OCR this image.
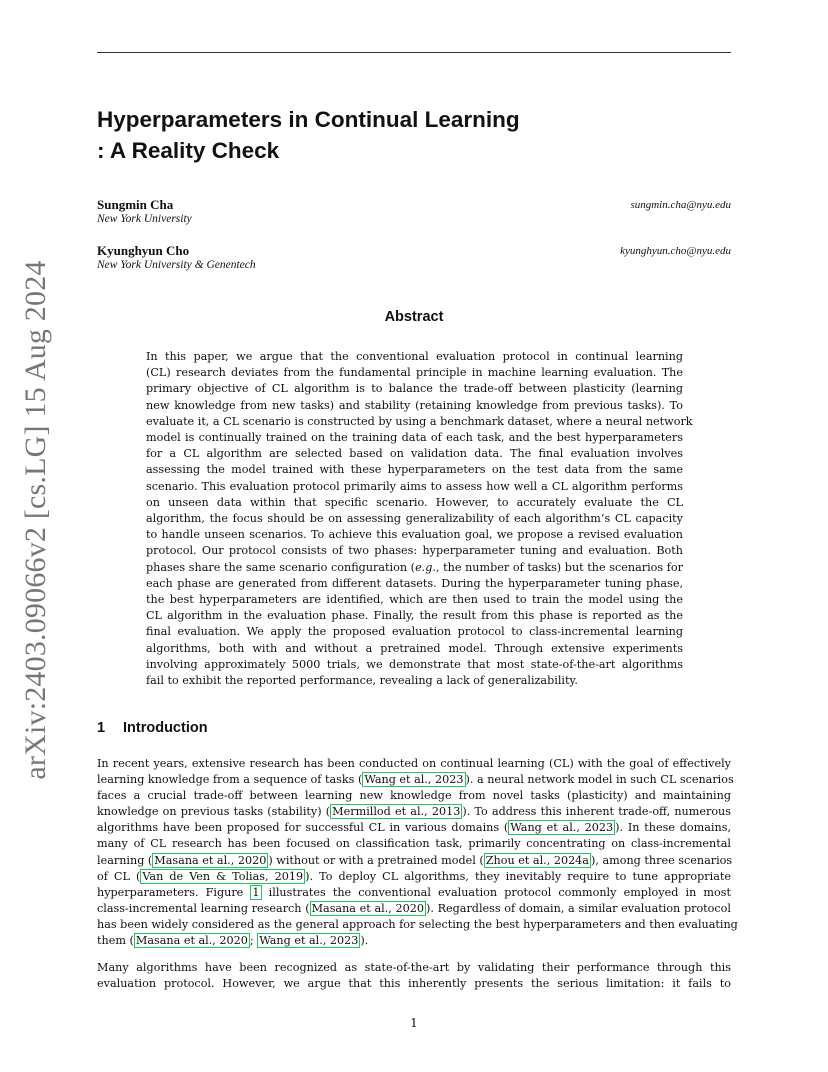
arXiv:2403.09066v2 [cs.LG] 15 Aug 2024
Hyperparameters in Continual Learning
: A Reality Check
Sungmin Cha
New York University
sungmin.cha@nyu.edu
Kyunghyun Cho
New York University & Genentech
kyunghyun.cho@nyu.edu
Abstract
In this paper, we argue that the conventional evaluation protocol in continual learning
(CL) research deviates from the fundamental principle in machine learning evaluation. The
primary objective of CL algorithm is to balance the trade-off between plasticity (learning
new knowledge from new tasks) and stability (retaining knowledge from previous tasks). To
evaluate it, a CL scenario is constructed by using a benchmark dataset, where a neural network
model is continually trained on the training data of each task, and the best hyperparameters
for a CL algorithm are selected based on validation data. The final evaluation involves
assessing the model trained with these hyperparameters on the test data from the same
scenario. This evaluation protocol primarily aims to assess how well a CL algorithm performs
on unseen data within that specific scenario. However, to accurately evaluate the CL
algorithm, the focus should be on assessing generalizability of each algorithm’s CL capacity
to handle unseen scenarios. To achieve this evaluation goal, we propose a revised evaluation
protocol. Our protocol consists of two phases: hyperparameter tuning and evaluation. Both
phases share the same scenario configuration (e.g., the number of tasks) but the scenarios for
each phase are generated from different datasets. During the hyperparameter tuning phase,
the best hyperparameters are identified, which are then used to train the model using the
CL algorithm in the evaluation phase. Finally, the result from this phase is reported as the
final evaluation. We apply the proposed evaluation protocol to class-incremental learning
algorithms, both with and without a pretrained model. Through extensive experiments
involving approximately 5000 trials, we demonstrate that most state-of-the-art algorithms
fail to exhibit the reported performance, revealing a lack of generalizability.
1 Introduction
In recent years, extensive research has been conducted on continual learning (CL) with the goal of effectively
learning knowledge from a sequence of tasks ( Wang et al., 2023 ). a neural network model in such CL scenarios
faces a crucial trade-off between learning new knowledge from novel tasks (plasticity) and maintaining
knowledge on previous tasks (stability) ( Mermillod et al., 2013 ). To address this inherent trade-off, numerous
algorithms have been proposed for successful CL in various domains ( Wang et al., 2023 ). In these domains,
many of CL research has been focused on classification task, primarily concentrating on class-incremental
learning ( Masana et al., 2020 ) without or with a pretrained model ( Zhou et al., 2024a ), among three scenarios
of CL ( Van de Ven & Tolias, 2019 ). To deploy CL algorithms, they inevitably require to tune appropriate
hyperparameters. Figure 1 illustrates the conventional evaluation protocol commonly employed in most
class-incremental learning research ( Masana et al., 2020 ). Regardless of domain, a similar evaluation protocol
has been widely considered as the general approach for selecting the best hyperparameters and then evaluating
them ( Masana et al., 2020 ; Wang et al., 2023 ).
Many algorithms have been recognized as state-of-the-art by validating their performance through this
evaluation protocol. However, we argue that this inherently presents the serious limitation: it fails to
1
